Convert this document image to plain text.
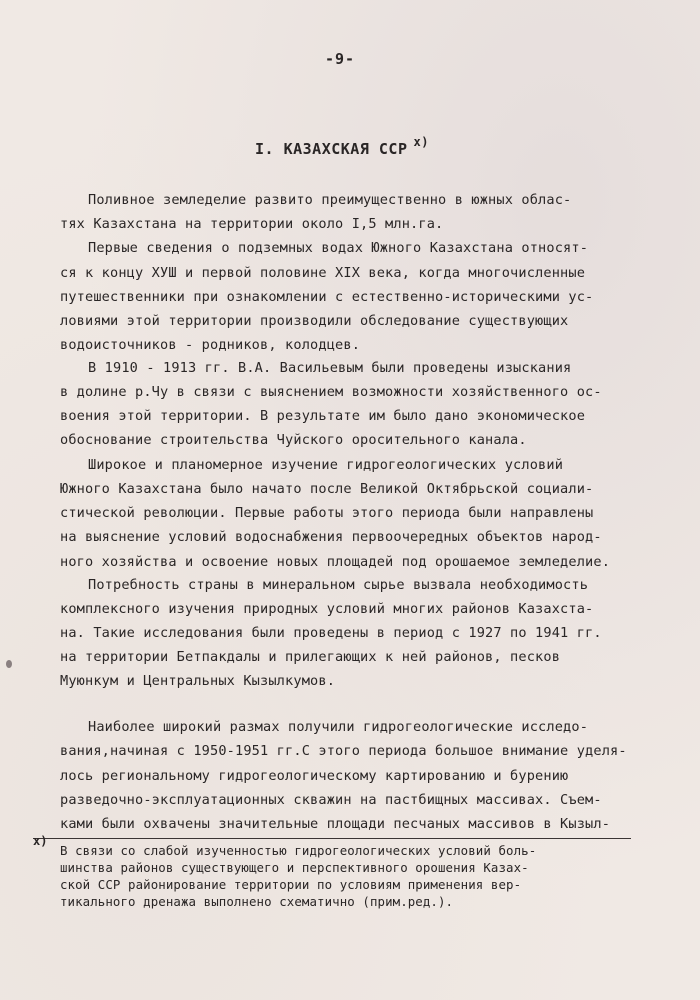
-9-
I. КАЗАХСКАЯ ССР $^{x)}$
Поливное земледелие развито преимущественно в южных облас-
тях Казахстана на территории около I,5 млн.га.
Первые сведения о подземных водах Южного Казахстана относят-
ся к концу ХУШ и первой половине XIX века, когда многочисленные
путешественники при ознакомлении с естественно-историческими ус-
ловиями этой территории производили обследование существующих
водоисточников - родников, колодцев.
В 1910 - 1913 гг. В.А. Васильевым были проведены изыскания
в долине р.Чу в связи с выяснением возможности хозяйственного ос-
воения этой территории. В результате им было дано экономическое
обоснование строительства Чуйского оросительного канала.
Широкое и планомерное изучение гидрогеологических условий
Южного Казахстана было начато после Великой Октябрьской социали-
стической революции. Первые работы этого периода были направлены
на выяснение условий водоснабжения первоочередных объектов народ-
ного хозяйства и освоение новых площадей под орошаемое земледелие.
Потребность страны в минеральном сырье вызвала необходимость
комплексного изучения природных условий многих районов Казахста-
на. Такие исследования были проведены в период с 1927 по 1941 гг.
на территории Бетпакдалы и прилегающих к ней районов, песков
Муюнкум и Центральных Кызылкумов.
Наиболее широкий размах получили гидрогеологические исследо-
вания,начиная с 1950-1951 гг.С этого периода большое внимание уделя-
лось региональному гидрогеологическому картированию и бурению
разведочно-эксплуатационных скважин на пастбищных массивах. Съем-
ками были охвачены значительные площади песчаных массивов в Кызыл-
x)
В связи со слабой изученностью гидрогеологических условий боль-
шинства районов существующего и перспективного орошения Казах-
ской ССР районирование территории по условиям применения вер-
тикального дренажа выполнено схематично (прим.ред.).
